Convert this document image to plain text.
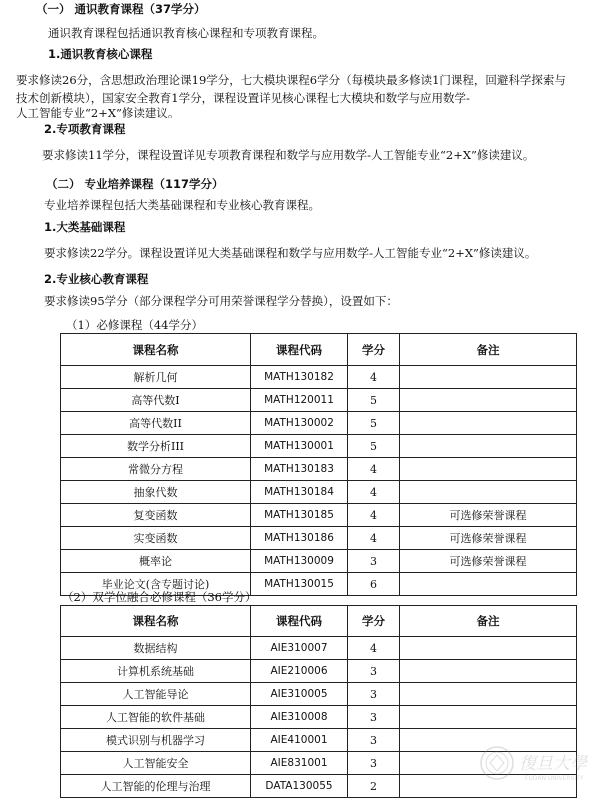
（一） 通识教育课程（37学分）
通识教育课程包括通识教育核心课程和专项教育课程。
1.通识教育核心课程
要求修读26分，含思想政治理论课19学分，七大模块课程6学分（每模块最多修读1门课程，回避科学探索与
技术创新模块），国家安全教育1学分，课程设置详见核心课程七大模块和数学与应用数学-
人工智能专业“2+X”修读建议。
2.专项教育课程
要求修读11学分，课程设置详见专项教育课程和数学与应用数学-人工智能专业“2+X”修读建议。
（二） 专业培养课程（117学分）
专业培养课程包括大类基础课程和专业核心教育课程。
1.大类基础课程
要求修读22学分。课程设置详见大类基础课程和数学与应用数学-人工智能专业“2+X”修读建议。
2.专业核心教育课程
要求修读95学分（部分课程学分可用荣誉课程学分替换），设置如下：
（1）必修课程（44学分）
课程名称	课程代码	学分	备注
解析几何	MATH130182	4	
高等代数I	MATH120011	5	
高等代数II	MATH130002	5	
数学分析III	MATH130001	5	
常微分方程	MATH130183	4	
抽象代数	MATH130184	4	
复变函数	MATH130185	4	可选修荣誉课程
实变函数	MATH130186	4	可选修荣誉课程
概率论	MATH130009	3	可选修荣誉课程
毕业论文(含专题讨论)	MATH130015	6	
（2）双学位融合必修课程（36学分）
课程名称	课程代码	学分	备注
数据结构	AIE310007	4	
计算机系统基础	AIE210006	3	
人工智能导论	AIE310005	3	
人工智能的软件基础	AIE310008	3	
模式识别与机器学习	AIE410001	3	
人工智能安全	AIE831001	3	
人工智能的伦理与治理	DATA130055	2	
復旦大學
FUDAN UNIVERSITY
